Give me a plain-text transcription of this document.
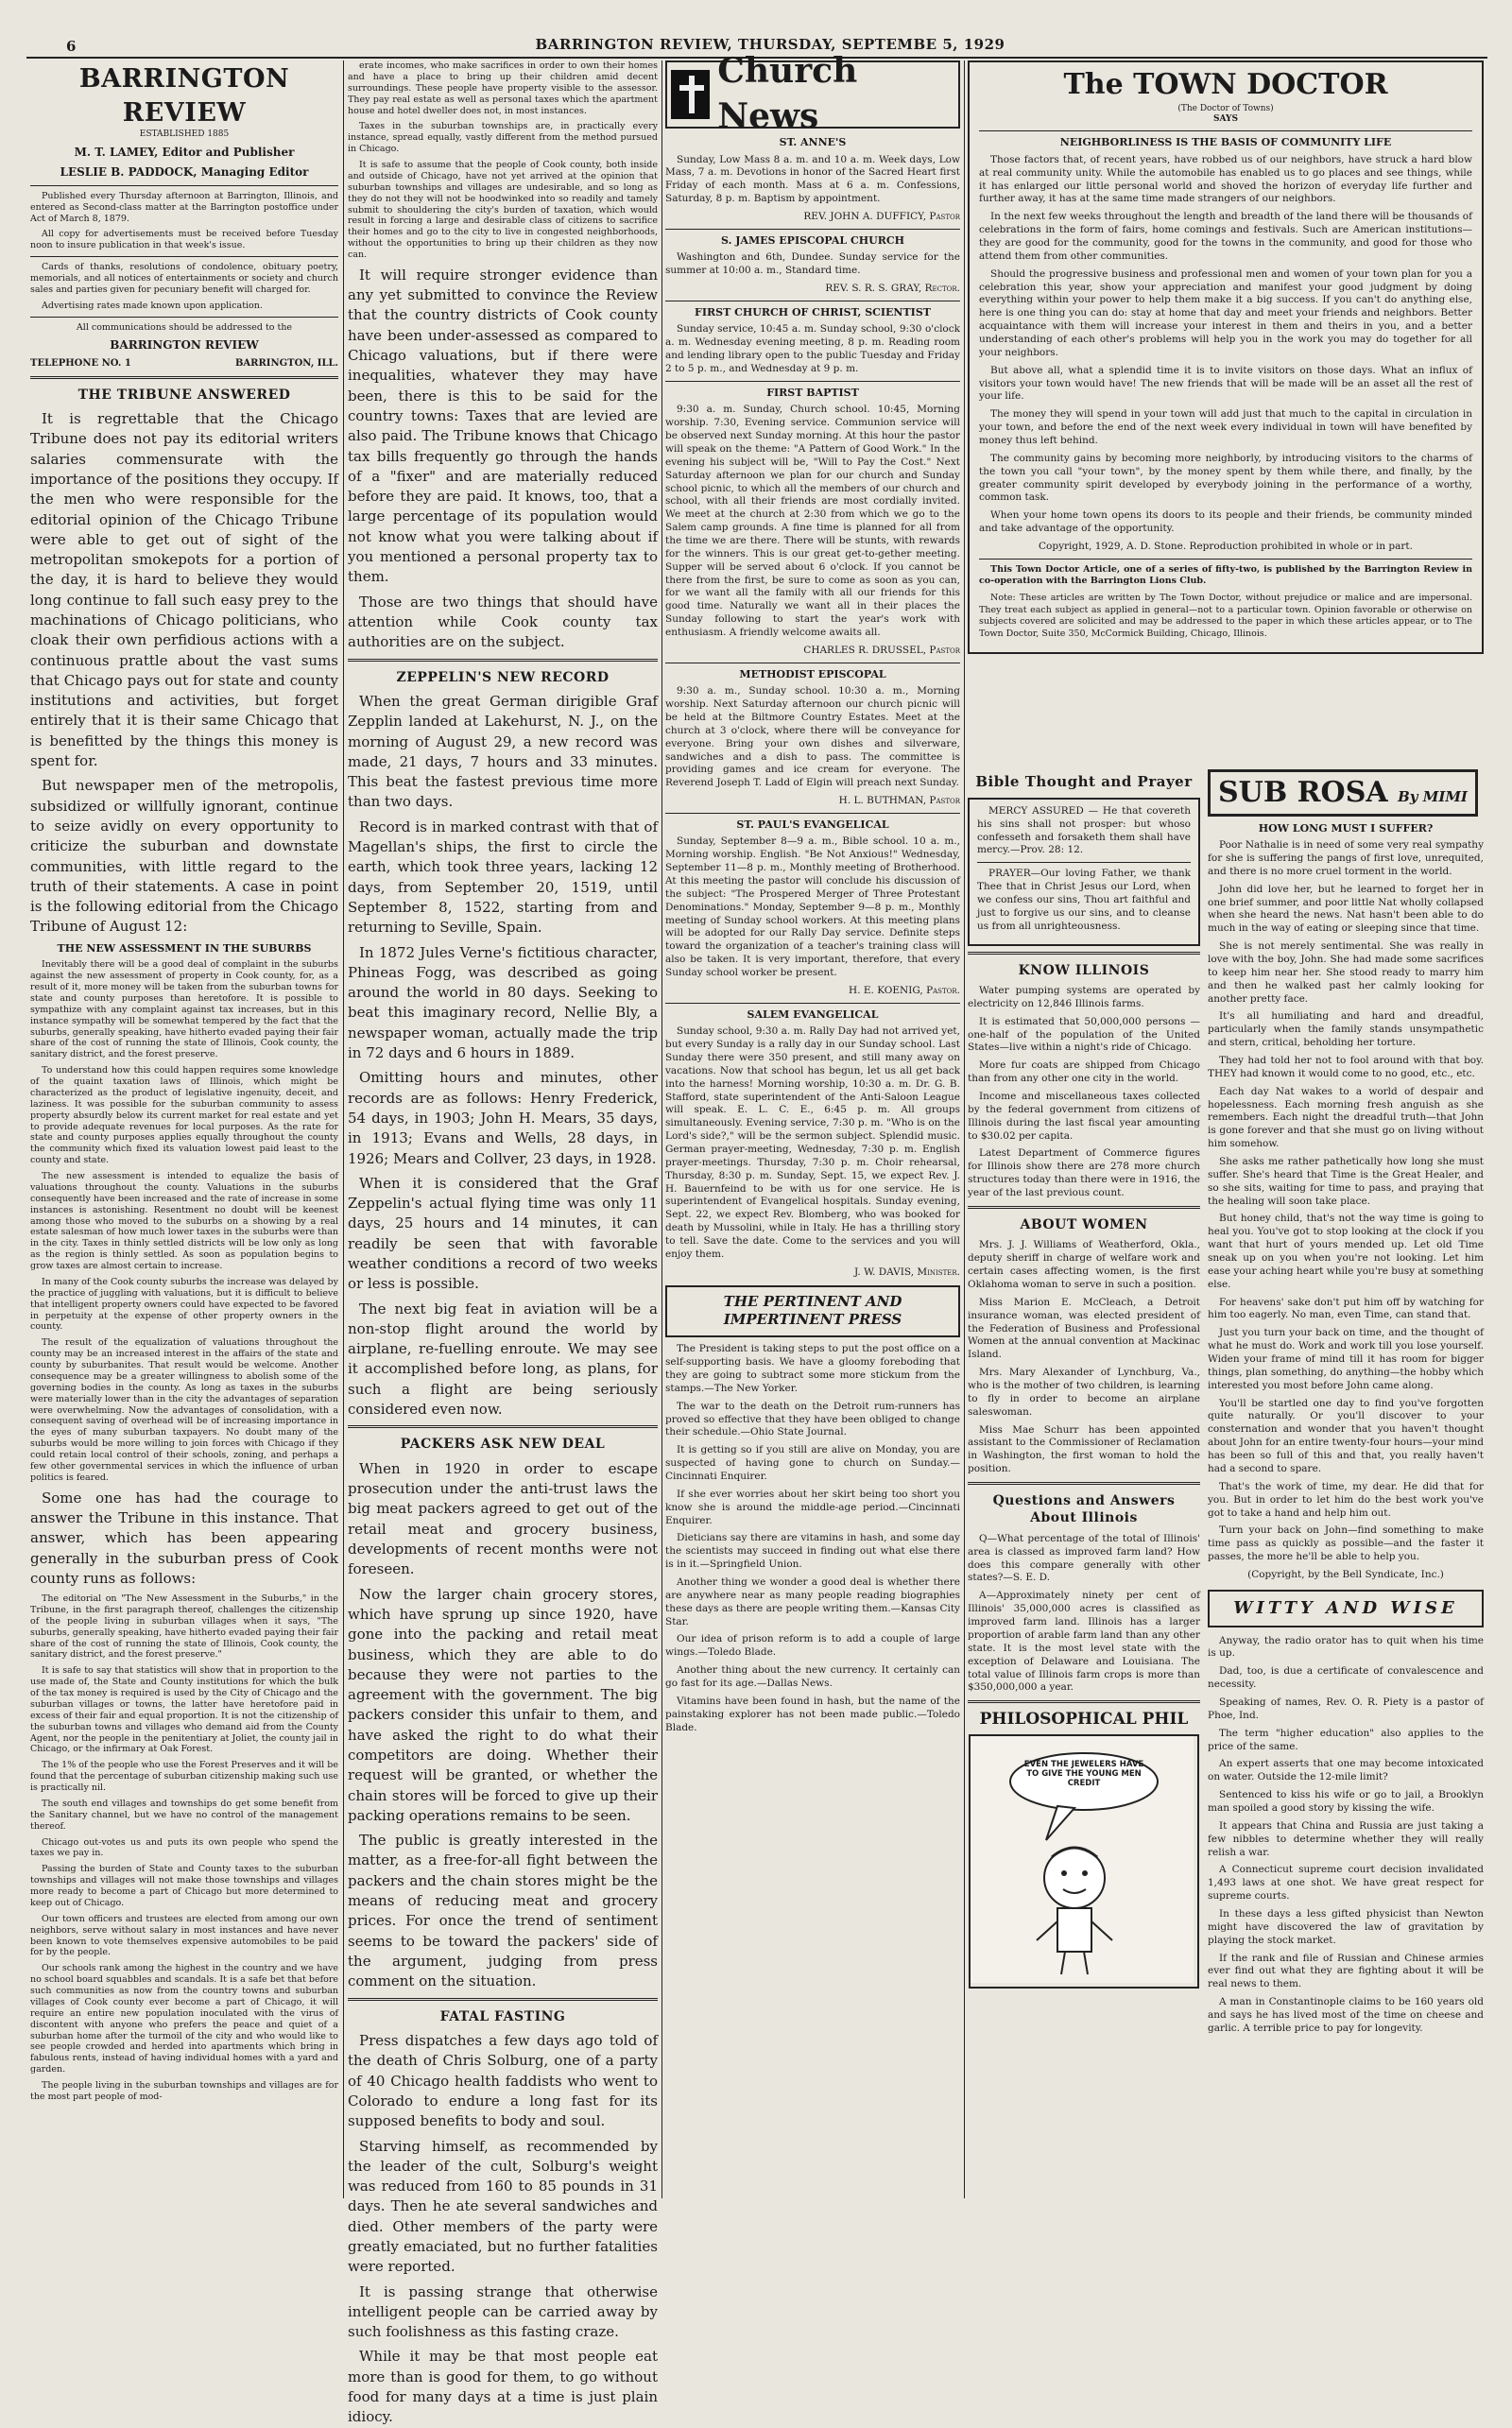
6	BARRINGTON REVIEW, THURSDAY, SEPTEMBE 5, 1929
BARRINGTON REVIEW

ESTABLISHED 1885

M. T. LAMEY, Editor and Publisher

LESLIE B. PADDOCK, Managing Editor

Published every Thursday afternoon at Barrington, Illinois, and entered as Second-class matter at the Barrington postoffice under Act of March 8, 1879.

All copy for advertisements must be received before Tuesday noon to insure publication in that week's issue.

Cards of thanks, resolutions of condolence, obituary poetry, memorials, and all notices of entertainments or society and church sales and parties given for pecuniary benefit will charged for.

Advertising rates made known upon application.

All communications should be addressed to the

BARRINGTON REVIEW

TELEPHONE NO. 1	BARRINGTON, ILL.
THE TRIBUNE ANSWERED

It is regrettable that the Chicago Tribune does not pay its editorial writers salaries commensurate with the importance of the positions they occupy. If the men who were responsible for the editorial opinion of the Chicago Tribune were able to get out of sight of the metropolitan smokepots for a portion of the day, it is hard to believe they would long continue to fall such easy prey to the machinations of Chicago politicians, who cloak their own perfidious actions with a continuous prattle about the vast sums that Chicago pays out for state and county institutions and activities, but forget entirely that it is their same Chicago that is benefitted by the things this money is spent for.

But newspaper men of the metropolis, subsidized or willfully ignorant, continue to seize avidly on every opportunity to criticize the suburban and downstate communities, with little regard to the truth of their statements. A case in point is the following editorial from the Chicago Tribune of August 12:

THE NEW ASSESSMENT IN THE SUBURBS

Inevitably there will be a good deal of complaint in the suburbs against the new assessment of property in Cook county, for, as a result of it, more money will be taken from the suburban towns for state and county purposes than heretofore. It is possible to sympathize with any complaint against tax increases, but in this instance sympathy will be somewhat tempered by the fact that the suburbs, generally speaking, have hitherto evaded paying their fair share of the cost of running the state of Illinois, Cook county, the sanitary district, and the forest preserve.

To understand how this could happen requires some knowledge of the quaint taxation laws of Illinois, which might be characterized as the product of legislative ingenuity, deceit, and laziness. It was possible for the suburban community to assess property absurdly below its current market for real estate and yet to provide adequate revenues for local purposes. As the rate for state and county purposes applies equally throughout the county the community which fixed its valuation lowest paid least to the county and state.

The new assessment is intended to equalize the basis of valuations throughout the county. Valuations in the suburbs consequently have been increased and the rate of increase in some instances is astonishing. Resentment no doubt will be keenest among those who moved to the suburbs on a showing by a real estate salesman of how much lower taxes in the suburbs were than in the city. Taxes in thinly settled districts will be low only as long as the region is thinly settled. As soon as population begins to grow taxes are almost certain to increase.

In many of the Cook county suburbs the increase was delayed by the practice of juggling with valuations, but it is difficult to believe that intelligent property owners could have expected to be favored in perpetuity at the expense of other property owners in the county.

The result of the equalization of valuations throughout the county may be an increased interest in the affairs of the state and county by suburbanites. That result would be welcome. Another consequence may be a greater willingness to abolish some of the governing bodies in the county. As long as taxes in the suburbs were materially lower than in the city the advantages of separation were overwhelming. Now the advantages of consolidation, with a consequent saving of overhead will be of increasing importance in the eyes of many suburban taxpayers. No doubt many of the suburbs would be more willing to join forces with Chicago if they could retain local control of their schools, zoning, and perhaps a few other governmental services in which the influence of urban politics is feared.

Some one has had the courage to answer the Tribune in this instance. That answer, which has been appearing generally in the suburban press of Cook county runs as follows:

The editorial on "The New Assessment in the Suburbs," in the Tribune, in the first paragraph thereof, challenges the citizenship of the people living in suburban villages when it says, "The suburbs, generally speaking, have hitherto evaded paying their fair share of the cost of running the state of Illinois, Cook county, the sanitary district, and the forest preserve."

It is safe to say that statistics will show that in proportion to the use made of, the State and County institutions for which the bulk of the tax money is required is used by the City of Chicago and the suburban villages or towns, the latter have heretofore paid in excess of their fair and equal proportion. It is not the citizenship of the suburban towns and villages who demand aid from the County Agent, nor the people in the penitentiary at Joliet, the county jail in Chicago, or the infirmary at Oak Forest.

The 1% of the people who use the Forest Preserves and it will be found that the percentage of suburban citizenship making such use is practically nil.

The south end villages and townships do get some benefit from the Sanitary channel, but we have no control of the management thereof.

Chicago out-votes us and puts its own people who spend the taxes we pay in.

Passing the burden of State and County taxes to the suburban townships and villages will not make those townships and villages more ready to become a part of Chicago but more determined to keep out of Chicago.

Our town officers and trustees are elected from among our own neighbors, serve without salary in most instances and have never been known to vote themselves expensive automobiles to be paid for by the people.

Our schools rank among the highest in the country and we have no school board squabbles and scandals. It is a safe bet that before such communities as now from the country towns and suburban villages of Cook county ever become a part of Chicago, it will require an entire new population inoculated with the virus of discontent with anyone who prefers the peace and quiet of a suburban home after the turmoil of the city and who would like to see people crowded and herded into apartments which bring in fabulous rents, instead of having individual homes with a yard and garden.

The people living in the suburban townships and villages are for the most part people of mod-

erate incomes, who make sacrifices in order to own their homes and have a place to bring up their children amid decent surroundings. These people have property visible to the assessor. They pay real estate as well as personal taxes which the apartment house and hotel dweller does not, in most instances.

Taxes in the suburban townships are, in practically every instance, spread equally, vastly different from the method pursued in Chicago.

It is safe to assume that the people of Cook county, both inside and outside of Chicago, have not yet arrived at the opinion that suburban townships and villages are undesirable, and so long as they do not they will not be hoodwinked into so readily and tamely submit to shouldering the city's burden of taxation, which would result in forcing a large and desirable class of citizens to sacrifice their homes and go to the city to live in congested neighborhoods, without the opportunities to bring up their children as they now can.

It will require stronger evidence than any yet submitted to convince the Review that the country districts of Cook county have been under-assessed as compared to Chicago valuations, but if there were inequalities, whatever they may have been, there is this to be said for the country towns: Taxes that are levied are also paid. The Tribune knows that Chicago tax bills frequently go through the hands of a "fixer" and are materially reduced before they are paid. It knows, too, that a large percentage of its population would not know what you were talking about if you mentioned a personal property tax to them.

Those are two things that should have attention while Cook county tax authorities are on the subject.

ZEPPELIN'S NEW RECORD

When the great German dirigible Graf Zepplin landed at Lakehurst, N. J., on the morning of August 29, a new record was made, 21 days, 7 hours and 33 minutes. This beat the fastest previous time more than two days.

Record is in marked contrast with that of Magellan's ships, the first to circle the earth, which took three years, lacking 12 days, from September 20, 1519, until September 8, 1522, starting from and returning to Seville, Spain.

In 1872 Jules Verne's fictitious character, Phineas Fogg, was described as going around the world in 80 days. Seeking to beat this imaginary record, Nellie Bly, a newspaper woman, actually made the trip in 72 days and 6 hours in 1889.

Omitting hours and minutes, other records are as follows: Henry Frederick, 54 days, in 1903; John H. Mears, 35 days, in 1913; Evans and Wells, 28 days, in 1926; Mears and Collver, 23 days, in 1928.

When it is considered that the Graf Zeppelin's actual flying time was only 11 days, 25 hours and 14 minutes, it can readily be seen that with favorable weather conditions a record of two weeks or less is possible.

The next big feat in aviation will be a non-stop flight around the world by airplane, re-fuelling enroute. We may see it accomplished before long, as plans, for such a flight are being seriously considered even now.

PACKERS ASK NEW DEAL

When in 1920 in order to escape prosecution under the anti-trust laws the big meat packers agreed to get out of the retail meat and grocery business, developments of recent months were not foreseen.

Now the larger chain grocery stores, which have sprung up since 1920, have gone into the packing and retail meat business, which they are able to do because they were not parties to the agreement with the government. The big packers consider this unfair to them, and have asked the right to do what their competitors are doing. Whether their request will be granted, or whether the chain stores will be forced to give up their packing operations remains to be seen.

The public is greatly interested in the matter, as a free-for-all fight between the packers and the chain stores might be the means of reducing meat and grocery prices. For once the trend of sentiment seems to be toward the packers' side of the argument, judging from press comment on the situation.

FATAL FASTING

Press dispatches a few days ago told of the death of Chris Solburg, one of a party of 40 Chicago health faddists who went to Colorado to endure a long fast for its supposed benefits to body and soul.

Starving himself, as recommended by the leader of the cult, Solburg's weight was reduced from 160 to 85 pounds in 31 days. Then he ate several sandwiches and died. Other members of the party were greatly emaciated, but no further fatalities were reported.

It is passing strange that otherwise intelligent people can be carried away by such foolishness as this fasting craze.

While it may be that most people eat more than is good for them, to go without food for many days at a time is just plain idiocy.

Church News
ST. ANNE'S

Sunday, Low Mass 8 a. m. and 10 a. m. Week days, Low Mass, 7 a. m. Devotions in honor of the Sacred Heart first Friday of each month. Mass at 6 a. m. Confessions, Saturday, 8 p. m. Baptism by appointment.

REV. JOHN A. DUFFICY, Pastor

S. JAMES EPISCOPAL CHURCH

Washington and 6th, Dundee. Sunday service for the summer at 10:00 a. m., Standard time.

REV. S. R. S. GRAY, Rector.

FIRST CHURCH OF CHRIST, SCIENTIST

Sunday service, 10:45 a. m. Sunday school, 9:30 o'clock a. m. Wednesday evening meeting, 8 p. m. Reading room and lending library open to the public Tuesday and Friday 2 to 5 p. m., and Wednesday at 9 p. m.

FIRST BAPTIST

9:30 a. m. Sunday, Church school. 10:45, Morning worship. 7:30, Evening service. Communion service will be observed next Sunday morning. At this hour the pastor will speak on the theme: "A Pattern of Good Work." In the evening his subject will be, "Will to Pay the Cost." Next Saturday afternoon we plan for our church and Sunday school picnic, to which all the members of our church and school, with all their friends are most cordially invited. We meet at the church at 2:30 from which we go to the Salem camp grounds. A fine time is planned for all from the time we are there. There will be stunts, with rewards for the winners. This is our great get-to-gether meeting. Supper will be served about 6 o'clock. If you cannot be there from the first, be sure to come as soon as you can, for we want all the family with all our friends for this good time. Naturally we want all in their places the Sunday following to start the year's work with enthusiasm. A friendly welcome awaits all.

CHARLES R. DRUSSEL, Pastor

METHODIST EPISCOPAL

9:30 a. m., Sunday school. 10:30 a. m., Morning worship. Next Saturday afternoon our church picnic will be held at the Biltmore Country Estates. Meet at the church at 3 o'clock, where there will be conveyance for everyone. Bring your own dishes and silverware, sandwiches and a dish to pass. The committee is providing games and ice cream for everyone. The Reverend Joseph T. Ladd of Elgin will preach next Sunday.

H. L. BUTHMAN, Pastor

ST. PAUL'S EVANGELICAL

Sunday, September 8—9 a. m., Bible school. 10 a. m., Morning worship. English. "Be Not Anxious!" Wednesday, September 11—8 p. m., Monthly meeting of Brotherhood. At this meeting the pastor will conclude his discussion of the subject: "The Prospered Merger of Three Protestant Denominations." Monday, September 9—8 p. m., Monthly meeting of Sunday school workers. At this meeting plans will be adopted for our Rally Day service. Definite steps toward the organization of a teacher's training class will also be taken. It is very important, therefore, that every Sunday school worker be present.

H. E. KOENIG, Pastor.

SALEM EVANGELICAL

Sunday school, 9:30 a. m. Rally Day had not arrived yet, but every Sunday is a rally day in our Sunday school. Last Sunday there were 350 present, and still many away on vacations. Now that school has begun, let us all get back into the harness! Morning worship, 10:30 a. m. Dr. G. B. Stafford, state superintendent of the Anti-Saloon League will speak. E. L. C. E., 6:45 p. m. All groups simultaneously. Evening service, 7:30 p. m. "Who is on the Lord's side?," will be the sermon subject. Splendid music. German prayer-meeting, Wednesday, 7:30 p. m. English prayer-meetings. Thursday, 7:30 p. m. Choir rehearsal, Thursday, 8:30 p. m. Sunday, Sept. 15, we expect Rev. J. H. Bauernfeind to be with us for one service. He is superintendent of Evangelical hospitals. Sunday evening, Sept. 22, we expect Rev. Blomberg, who was booked for death by Mussolini, while in Italy. He has a thrilling story to tell. Save the date. Come to the services and you will enjoy them.

J. W. DAVIS, Minister.

THE PERTINENT AND IMPERTINENT PRESS

The President is taking steps to put the post office on a self-supporting basis. We have a gloomy foreboding that they are going to subtract some more stickum from the stamps.—The New Yorker.

The war to the death on the Detroit rum-runners has proved so effective that they have been obliged to change their schedule.—Ohio State Journal.

It is getting so if you still are alive on Monday, you are suspected of having gone to church on Sunday.—Cincinnati Enquirer.

If she ever worries about her skirt being too short you know she is around the middle-age period.—Cincinnati Enquirer.

Dieticians say there are vitamins in hash, and some day the scientists may succeed in finding out what else there is in it.—Springfield Union.

Another thing we wonder a good deal is whether there are anywhere near as many people reading biographies these days as there are people writing them.—Kansas City Star.

Our idea of prison reform is to add a couple of large wings.—Toledo Blade.

Another thing about the new currency. It certainly can go fast for its age.—Dallas News.

Vitamins have been found in hash, but the name of the painstaking explorer has not been made public.—Toledo Blade.

The TOWN DOCTOR

(The Doctor of Towns)

SAYS

NEIGHBORLINESS IS THE BASIS OF COMMUNITY LIFE

Those factors that, of recent years, have robbed us of our neighbors, have struck a hard blow at real community unity. While the automobile has enabled us to go places and see things, while it has enlarged our little personal world and shoved the horizon of everyday life further and further away, it has at the same time made strangers of our neighbors.

In the next few weeks throughout the length and breadth of the land there will be thousands of celebrations in the form of fairs, home comings and festivals. Such are American institutions—they are good for the community, good for the towns in the community, and good for those who attend them from other communities.

Should the progressive business and professional men and women of your town plan for you a celebration this year, show your appreciation and manifest your good judgment by doing everything within your power to help them make it a big success. If you can't do anything else, here is one thing you can do: stay at home that day and meet your friends and neighbors. Better acquaintance with them will increase your interest in them and theirs in you, and a better understanding of each other's problems will help you in the work you may do together for all your neighbors.

But above all, what a splendid time it is to invite visitors on those days. What an influx of visitors your town would have! The new friends that will be made will be an asset all the rest of your life.

The money they will spend in your town will add just that much to the capital in circulation in your town, and before the end of the next week every individual in town will have benefited by money thus left behind.

The community gains by becoming more neighborly, by introducing visitors to the charms of the town you call "your town", by the money spent by them while there, and finally, by the greater community spirit developed by everybody joining in the performance of a worthy, common task.

When your home town opens its doors to its people and their friends, be community minded and take advantage of the opportunity.

Copyright, 1929, A. D. Stone. Reproduction prohibited in whole or in part.

This Town Doctor Article, one of a series of fifty-two, is published by the Barrington Review in co-operation with the Barrington Lions Club.

Note: These articles are written by The Town Doctor, without prejudice or malice and are impersonal. They treat each subject as applied in general—not to a particular town. Opinion favorable or otherwise on subjects covered are solicited and may be addressed to the paper in which these articles appear, or to The Town Doctor, Suite 350, McCormick Building, Chicago, Illinois.

Bible Thought and Prayer

MERCY ASSURED — He that covereth his sins shall not prosper: but whoso confesseth and forsaketh them shall have mercy.—Prov. 28: 12.

PRAYER—Our loving Father, we thank Thee that in Christ Jesus our Lord, when we confess our sins, Thou art faithful and just to forgive us our sins, and to cleanse us from all unrighteousness.

KNOW ILLINOIS

Water pumping systems are operated by electricity on 12,846 Illinois farms.

It is estimated that 50,000,000 persons —one-half of the population of the United States—live within a night's ride of Chicago.

More fur coats are shipped from Chicago than from any other one city in the world.

Income and miscellaneous taxes collected by the federal government from citizens of Illinois during the last fiscal year amounting to $30.02 per capita.

Latest Department of Commerce figures for Illinois show there are 278 more church structures today than there were in 1916, the year of the last previous count.

ABOUT WOMEN

Mrs. J. J. Williams of Weatherford, Okla., deputy sheriff in charge of welfare work and certain cases affecting women, is the first Oklahoma woman to serve in such a position.

Miss Marion E. McCleach, a Detroit insurance woman, was elected president of the Federation of Business and Professional Women at the annual convention at Mackinac Island.

Mrs. Mary Alexander of Lynchburg, Va., who is the mother of two children, is learning to fly in order to become an airplane saleswoman.

Miss Mae Schurr has been appointed assistant to the Commissioner of Reclamation in Washington, the first woman to hold the position.

Questions and Answers About Illinois

Q—What percentage of the total of Illinois' area is classed as improved farm land? How does this compare generally with other states?—S. E. D.

A—Approximately ninety per cent of Illinois' 35,000,000 acres is classified as improved farm land. Illinois has a larger proportion of arable farm land than any other state. It is the most level state with the exception of Delaware and Louisiana. The total value of Illinois farm crops is more than $350,000,000 a year.

PHILOSOPHICAL PHIL
EVEN THE JEWELERS HAVE TO GIVE THE YOUNG MEN CREDIT
SUB ROSA By MIMI
HOW LONG MUST I SUFFER?

Poor Nathalie is in need of some very real sympathy for she is suffering the pangs of first love, unrequited, and there is no more cruel torment in the world.

John did love her, but he learned to forget her in one brief summer, and poor little Nat wholly collapsed when she heard the news. Nat hasn't been able to do much in the way of eating or sleeping since that time.

She is not merely sentimental. She was really in love with the boy, John. She had made some sacrifices to keep him near her. She stood ready to marry him and then he walked past her calmly looking for another pretty face.

It's all humiliating and hard and dreadful, particularly when the family stands unsympathetic and stern, critical, beholding her torture.

They had told her not to fool around with that boy. THEY had known it would come to no good, etc., etc.

Each day Nat wakes to a world of despair and hopelessness. Each morning fresh anguish as she remembers. Each night the dreadful truth—that John is gone forever and that she must go on living without him somehow.

She asks me rather pathetically how long she must suffer. She's heard that Time is the Great Healer, and so she sits, waiting for time to pass, and praying that the healing will soon take place.

But honey child, that's not the way time is going to heal you. You've got to stop looking at the clock if you want that hurt of yours mended up. Let old Time sneak up on you when you're not looking. Let him ease your aching heart while you're busy at something else.

For heavens' sake don't put him off by watching for him too eagerly. No man, even Time, can stand that.

Just you turn your back on time, and the thought of what he must do. Work and work till you lose yourself. Widen your frame of mind till it has room for bigger things, plan something, do anything—the hobby which interested you most before John came along.

You'll be startled one day to find you've forgotten quite naturally. Or you'll discover to your consternation and wonder that you haven't thought about John for an entire twenty-four hours—your mind has been so full of this and that, you really haven't had a second to spare.

That's the work of time, my dear. He did that for you. But in order to let him do the best work you've got to take a hand and help him out.

Turn your back on John—find something to make time pass as quickly as possible—and the faster it passes, the more he'll be able to help you.

(Copyright, by the Bell Syndicate, Inc.)

WITTY AND WISE

Anyway, the radio orator has to quit when his time is up.

Dad, too, is due a certificate of convalescence and necessity.

Speaking of names, Rev. O. R. Piety is a pastor of Phoe, Ind.

The term "higher education" also applies to the price of the same.

An expert asserts that one may become intoxicated on water. Outside the 12-mile limit?

Sentenced to kiss his wife or go to jail, a Brooklyn man spoiled a good story by kissing the wife.

It appears that China and Russia are just taking a few nibbles to determine whether they will really relish a war.

A Connecticut supreme court decision invalidated 1,493 laws at one shot. We have great respect for supreme courts.

In these days a less gifted physicist than Newton might have discovered the law of gravitation by playing the stock market.

If the rank and file of Russian and Chinese armies ever find out what they are fighting about it will be real news to them.

A man in Constantinople claims to be 160 years old and says he has lived most of the time on cheese and garlic. A terrible price to pay for longevity.
